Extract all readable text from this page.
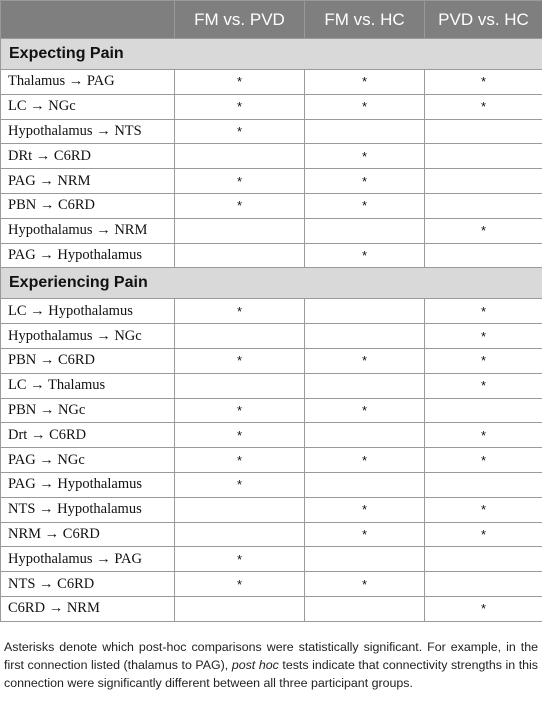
	FM vs. PVD	FM vs. HC	PVD vs. HC
Expecting Pain			
Thalamus → PAG	*	*	*
LC → NGc	*	*	*
Hypothalamus → NTS	*		
DRt → C6RD		*	
PAG → NRM	*	*	
PBN → C6RD	*	*	
Hypothalamus → NRM			*
PAG → Hypothalamus		*	
Experiencing Pain			
LC → Hypothalamus	*		*
Hypothalamus → NGc			*
PBN → C6RD	*	*	*
LC → Thalamus			*
PBN → NGc	*	*	
Drt → C6RD	*		*
PAG → NGc	*	*	*
PAG → Hypothalamus	*		
NTS → Hypothalamus		*	*
NRM → C6RD		*	*
Hypothalamus → PAG	*		
NTS → C6RD	*	*	
C6RD → NRM			*

Asterisks denote which post-hoc comparisons were statistically significant. For example, in the first connection listed (thalamus to PAG), post hoc tests indicate that connectivity strengths in this connection were significantly different between all three participant groups.
